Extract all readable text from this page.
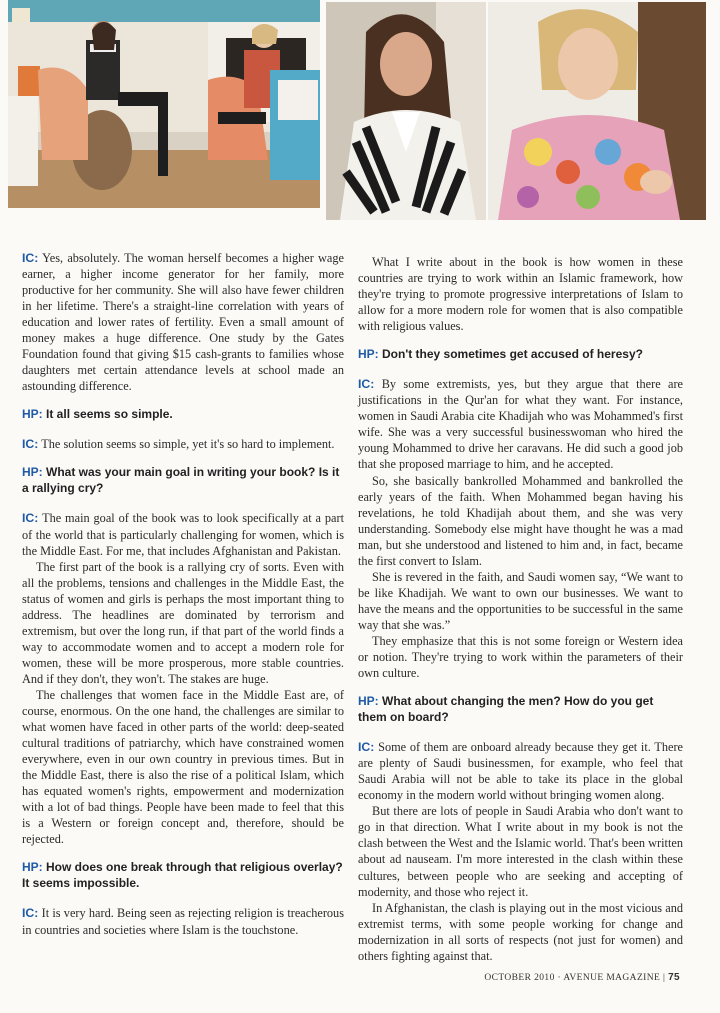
IC: Yes, absolutely. The woman herself becomes a higher wage earner, a higher income generator for her family, more productive for her community. She will also have fewer children in her lifetime. There's a straight-line correlation with years of education and lower rates of fertility. Even a small amount of money makes a huge difference. One study by the Gates Foundation found that giving $15 cash-grants to families whose daughters met certain attendance levels at school made an astounding difference.

HP: It all seems so simple.

IC: The solution seems so simple, yet it's so hard to implement.

HP: What was your main goal in writing your book? Is it a rallying cry?

IC: The main goal of the book was to look specifically at a part of the world that is particularly challenging for women, which is the Middle East. For me, that includes Afghanistan and Pakistan.

The first part of the book is a rallying cry of sorts. Even with all the problems, tensions and challenges in the Middle East, the status of women and girls is perhaps the most important thing to address. The headlines are dominated by terrorism and extremism, but over the long run, if that part of the world finds a way to accommodate women and to accept a modern role for women, these will be more prosperous, more stable countries. And if they don't, they won't. The stakes are huge.

The challenges that women face in the Middle East are, of course, enormous. On the one hand, the challenges are similar to what women have faced in other parts of the world: deep-seated cultural traditions of patriarchy, which have constrained women everywhere, even in our own country in previous times. But in the Middle East, there is also the rise of a political Islam, which has equated women's rights, empowerment and modernization with a lot of bad things. People have been made to feel that this is a Western or foreign concept and, therefore, should be rejected.

HP: How does one break through that religious overlay? It seems impossible.

IC: It is very hard. Being seen as rejecting religion is treacherous in countries and societies where Islam is the touchstone.

What I write about in the book is how women in these countries are trying to work within an Islamic framework, how they're trying to promote progressive interpretations of Islam to allow for a more modern role for women that is also compatible with religious values.

HP: Don't they sometimes get accused of heresy?

IC: By some extremists, yes, but they argue that there are justifications in the Qur'an for what they want. For instance, women in Saudi Arabia cite Khadijah who was Mohammed's first wife. She was a very successful businesswoman who hired the young Mohammed to drive her caravans. He did such a good job that she proposed marriage to him, and he accepted.

So, she basically bankrolled Mohammed and bankrolled the early years of the faith. When Mohammed began having his revelations, he told Khadijah about them, and she was very understanding. Somebody else might have thought he was a mad man, but she understood and listened to him and, in fact, became the first convert to Islam.

She is revered in the faith, and Saudi women say, “We want to be like Khadijah. We want to own our businesses. We want to have the means and the opportunities to be successful in the same way that she was.”

They emphasize that this is not some foreign or Western idea or notion. They're trying to work within the parameters of their own culture.

HP: What about changing the men? How do you get them on board?

IC: Some of them are onboard already because they get it. There are plenty of Saudi businessmen, for example, who feel that Saudi Arabia will not be able to take its place in the global economy in the modern world without bringing women along.

But there are lots of people in Saudi Arabia who don't want to go in that direction. What I write about in my book is not the clash between the West and the Islamic world. That's been written about ad nauseam. I'm more interested in the clash within these cultures, between people who are seeking and accepting of modernity, and those who reject it.

In Afghanistan, the clash is playing out in the most vicious and extremist terms, with some people working for change and modernization in all sorts of respects (not just for women) and others fighting against that.

OCTOBER 2010 · AVENUE MAGAZINE | 75
